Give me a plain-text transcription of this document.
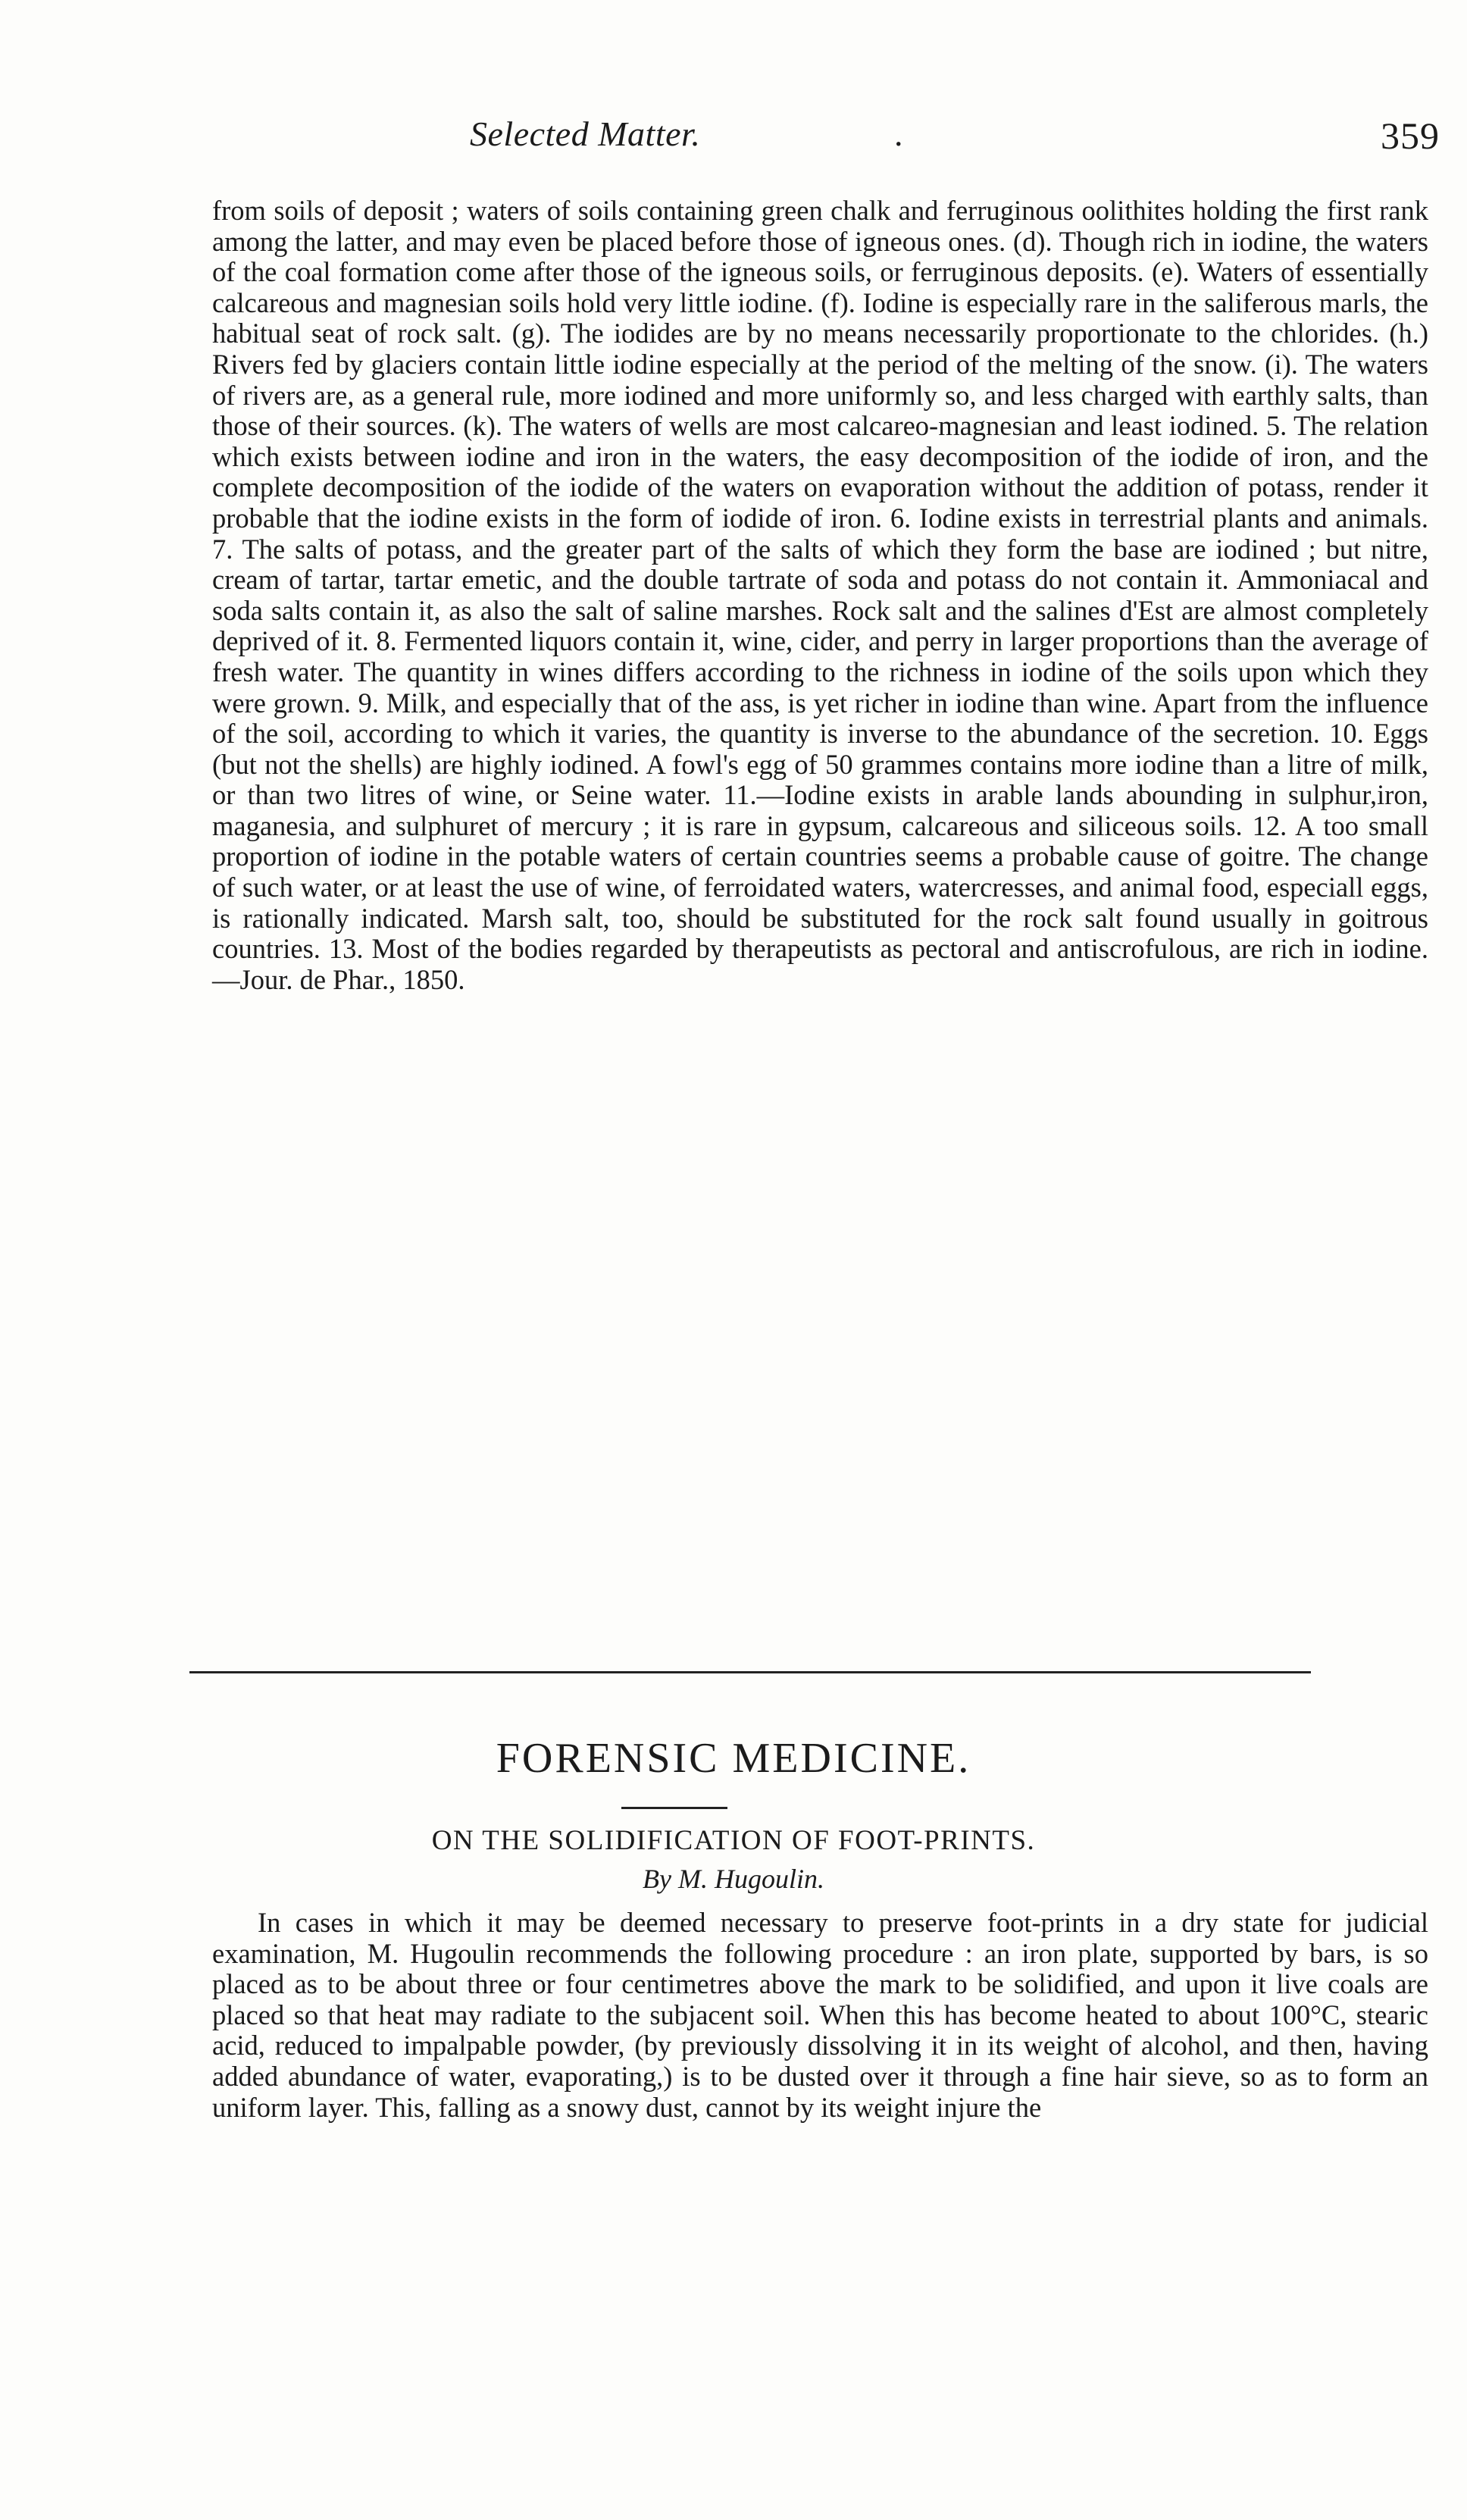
Selected Matter.	.	359

from soils of deposit ; waters of soils containing green chalk and ferruginous oolithites holding the first rank among the latter, and may even be placed before those of igneous ones. (d). Though rich in iodine, the waters of the coal formation come after those of the igneous soils, or ferruginous deposits. (e). Waters of essentially calcareous and magnesian soils hold very little iodine. (f). Iodine is especially rare in the saliferous marls, the habitual seat of rock salt. (g). The iodides are by no means necessarily proportionate to the chlorides. (h.) Rivers fed by glaciers contain little iodine especially at the period of the melting of the snow. (i). The waters of rivers are, as a general rule, more iodined and more uniformly so, and less charged with earthly salts, than those of their sources. (k). The waters of wells are most calcareo-magnesian and least iodined. 5. The relation which exists between iodine and iron in the waters, the easy decomposition of the iodide of iron, and the complete decomposition of the iodide of the waters on evaporation without the addition of potass, render it probable that the iodine exists in the form of iodide of iron. 6. Iodine exists in terrestrial plants and animals. 7. The salts of potass, and the greater part of the salts of which they form the base are iodined ; but nitre, cream of tartar, tartar emetic, and the double tartrate of soda and potass do not contain it. Ammoniacal and soda salts contain it, as also the salt of saline marshes. Rock salt and the salines d'Est are almost completely deprived of it. 8. Fermented liquors contain it, wine, cider, and perry in larger proportions than the average of fresh water. The quantity in wines differs according to the richness in iodine of the soils upon which they were grown. 9. Milk, and especially that of the ass, is yet richer in iodine than wine. Apart from the influence of the soil, according to which it varies, the quantity is inverse to the abundance of the secretion. 10. Eggs (but not the shells) are highly iodined. A fowl's egg of 50 grammes contains more iodine than a litre of milk, or than two litres of wine, or Seine water. 11.—Iodine exists in arable lands abounding in sulphur,iron, maganesia, and sulphuret of mercury ; it is rare in gypsum, calcareous and siliceous soils. 12. A too small proportion of iodine in the potable waters of certain countries seems a probable cause of goitre. The change of such water, or at least the use of wine, of ferroidated waters, watercresses, and animal food, especiall eggs, is rationally indicated. Marsh salt, too, should be substituted for the rock salt found usually in goitrous countries. 13. Most of the bodies regarded by therapeutists as pectoral and antiscrofulous, are rich in iodine.—Jour. de Phar., 1850.

FORENSIC MEDICINE.
ON THE SOLIDIFICATION OF FOOT-PRINTS.
By M. Hugoulin.

In cases in which it may be deemed necessary to preserve foot-prints in a dry state for judicial examination, M. Hugoulin recommends the following procedure : an iron plate, supported by bars, is so placed as to be about three or four centimetres above the mark to be solidified, and upon it live coals are placed so that heat may radiate to the subjacent soil. When this has become heated to about 100°C, stearic acid, reduced to impalpable powder, (by previously dissolving it in its weight of alcohol, and then, having added abundance of water, evaporating,) is to be dusted over it through a fine hair sieve, so as to form an uniform layer. This, falling as a snowy dust, cannot by its weight injure the
